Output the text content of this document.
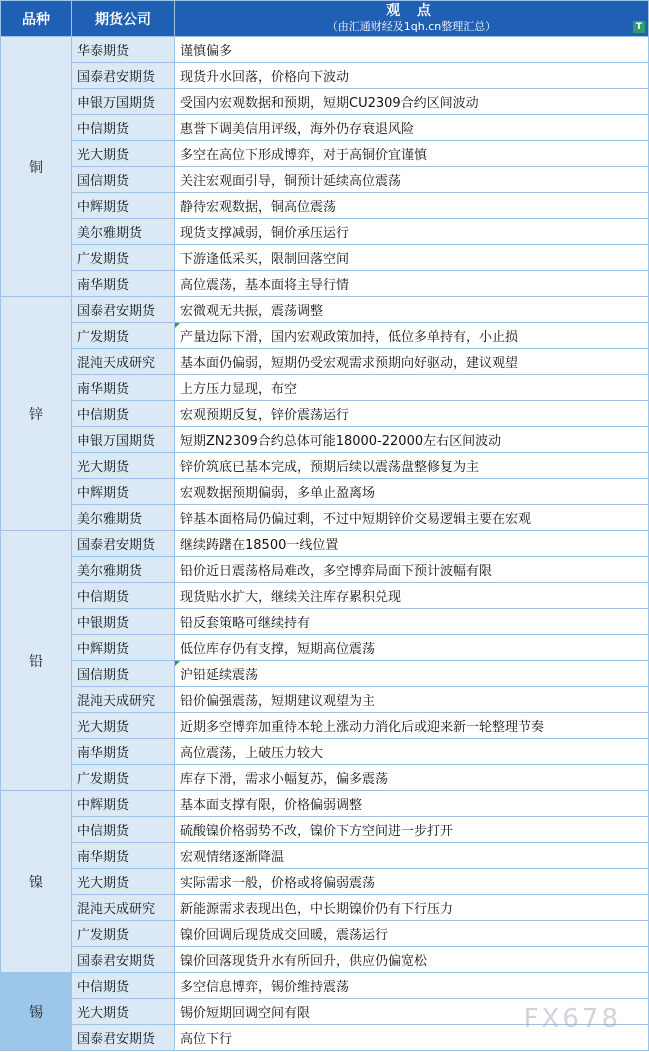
品种	期货公司	观 点
（由汇通财经及1qh.cn整理汇总） T

铜	华泰期货	谨慎偏多
	国泰君安期货	现货升水回落，价格向下波动
	申银万国期货	受国内宏观数据和预期，短期CU2309合约区间波动
	中信期货	惠誉下调美信用评级，海外仍存衰退风险
	光大期货	多空在高位下形成博弈，对于高铜价宜谨慎
	国信期货	关注宏观面引导，铜预计延续高位震荡
	中辉期货	静待宏观数据，铜高位震荡
	美尔雅期货	现货支撑减弱，铜价承压运行
	广发期货	下游逢低采买，限制回落空间
	南华期货	高位震荡，基本面将主导行情
锌	国泰君安期货	宏微观无共振，震荡调整
	广发期货	产量边际下滑，国内宏观政策加持，低位多单持有，小止损
	混沌天成研究	基本面仍偏弱，短期仍受宏观需求预期向好驱动，建议观望
	南华期货	上方压力显现，布空
	中信期货	宏观预期反复，锌价震荡运行
	申银万国期货	短期ZN2309合约总体可能18000-22000左右区间波动
	光大期货	锌价筑底已基本完成，预期后续以震荡盘整修复为主
	中辉期货	宏观数据预期偏弱，多单止盈离场
	美尔雅期货	锌基本面格局仍偏过剩，不过中短期锌价交易逻辑主要在宏观
铅	国泰君安期货	继续踌躇在18500一线位置
	美尔雅期货	铅价近日震荡格局难改，多空博弈局面下预计波幅有限
	中信期货	现货贴水扩大，继续关注库存累积兑现
	中银期货	铅反套策略可继续持有
	中辉期货	低位库存仍有支撑，短期高位震荡
	国信期货	沪铅延续震荡
	混沌天成研究	铅价偏强震荡，短期建议观望为主
	光大期货	近期多空博弈加重待本轮上涨动力消化后或迎来新一轮整理节奏
	南华期货	高位震荡，上破压力较大
	广发期货	库存下滑，需求小幅复苏，偏多震荡
镍	中辉期货	基本面支撑有限，价格偏弱调整
	中信期货	硫酸镍价格弱势不改，镍价下方空间进一步打开
	南华期货	宏观情绪逐渐降温
	光大期货	实际需求一般，价格或将偏弱震荡
	混沌天成研究	新能源需求表现出色，中长期镍价仍有下行压力
	广发期货	镍价回调后现货成交回暖，震荡运行
	国泰君安期货	镍价回落现货升水有所回升，供应仍偏宽松
锡	中信期货	多空信息博弈，锡价维持震荡
	光大期货	锡价短期回调空间有限
	国泰君安期货	高位下行
FX678
